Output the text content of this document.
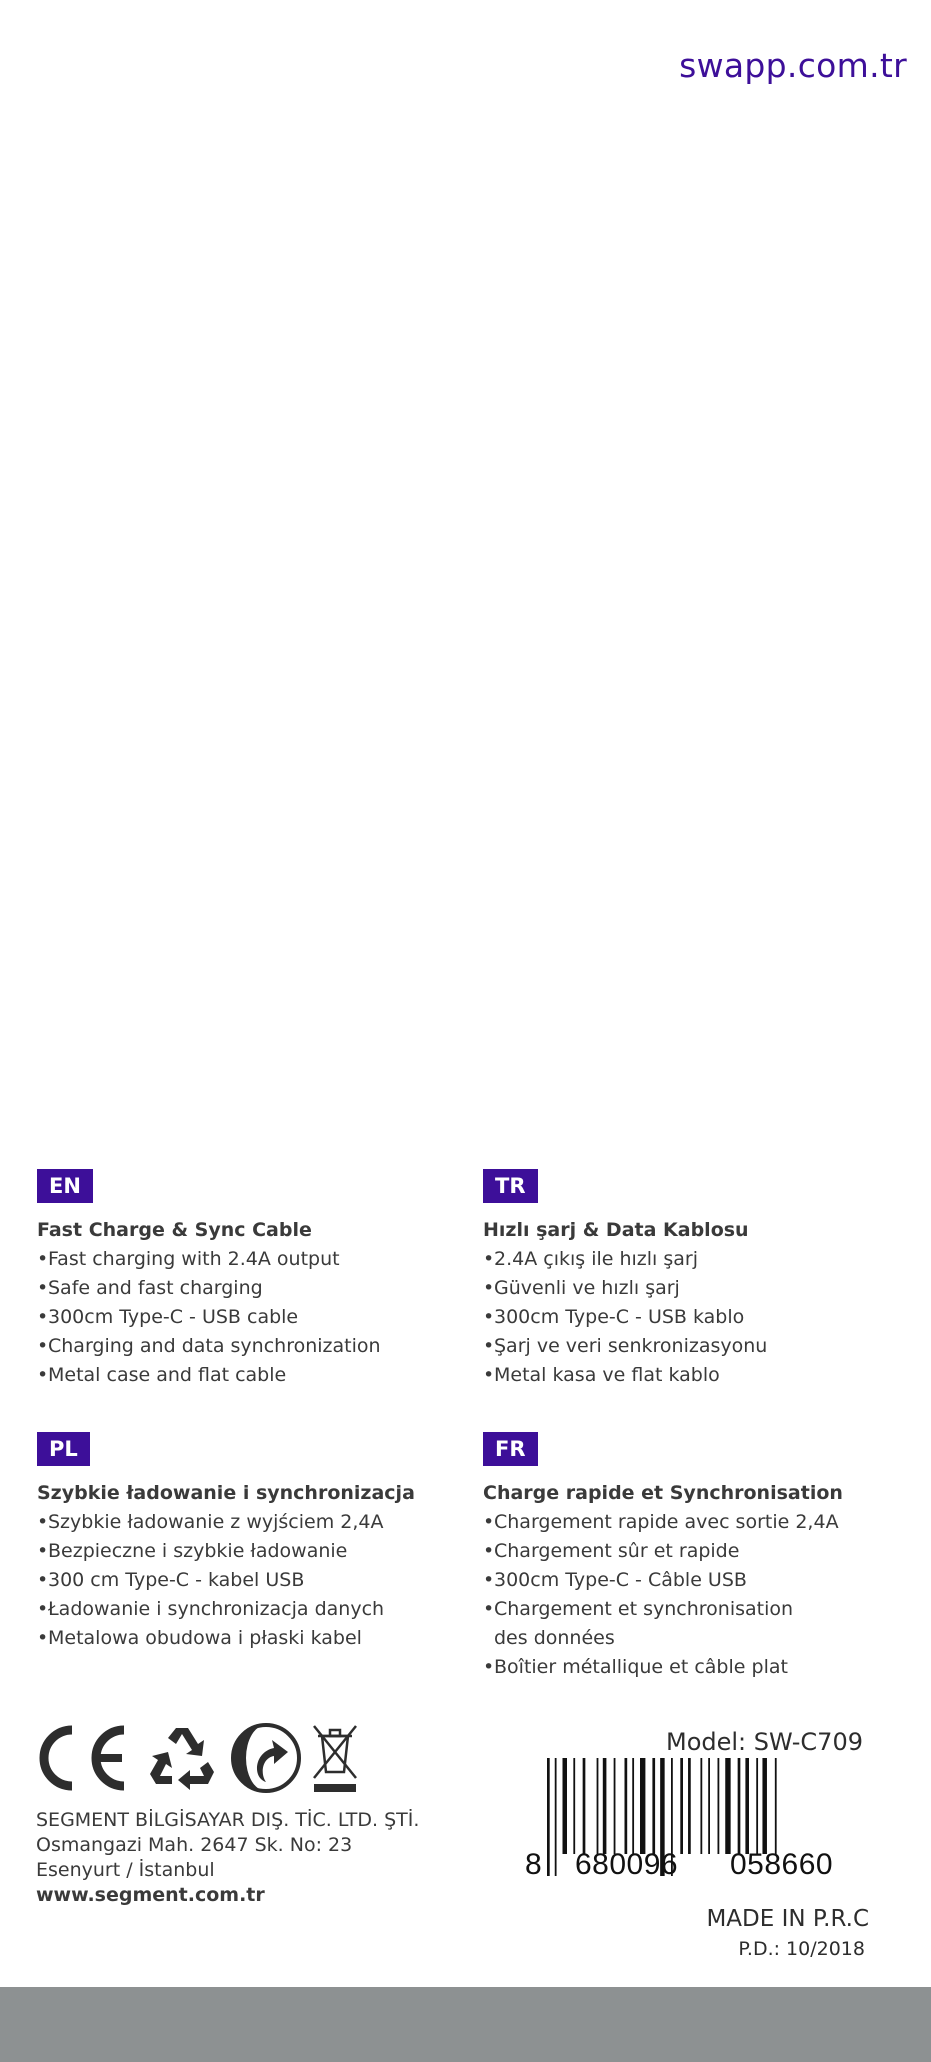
swapp.com.tr
EN
Fast Charge & Sync Cable
• Fast charging with 2.4A output
• Safe and fast charging
• 300cm Type-C - USB cable
• Charging and data synchronization
• Metal case and flat cable
TR
Hızlı şarj & Data Kablosu
• 2.4A çıkış ile hızlı şarj
• Güvenli ve hızlı şarj
• 300cm Type-C - USB kablo
• Şarj ve veri senkronizasyonu
• Metal kasa ve flat kablo
PL
Szybkie ładowanie i synchronizacja
• Szybkie ładowanie z wyjściem 2,4A
• Bezpieczne i szybkie ładowanie
• 300 cm Type-C - kabel USB
• Ładowanie i synchronizacja danych
• Metalowa obudowa i płaski kabel
FR
Charge rapide et Synchronisation
• Chargement rapide avec sortie 2,4A
• Chargement sûr et rapide
• 300cm Type-C - Câble USB
• Chargement et synchronisation
des données
• Boîtier métallique et câble plat
SEGMENT BİLGİSAYAR DIŞ. TİC. LTD. ŞTİ.
Osmangazi Mah. 2647 Sk. No: 23
Esenyurt / İstanbul
www.segment.com.tr
Model: SW-C709
8 680096 058660
MADE IN P.R.C
P.D.: 10/2018
